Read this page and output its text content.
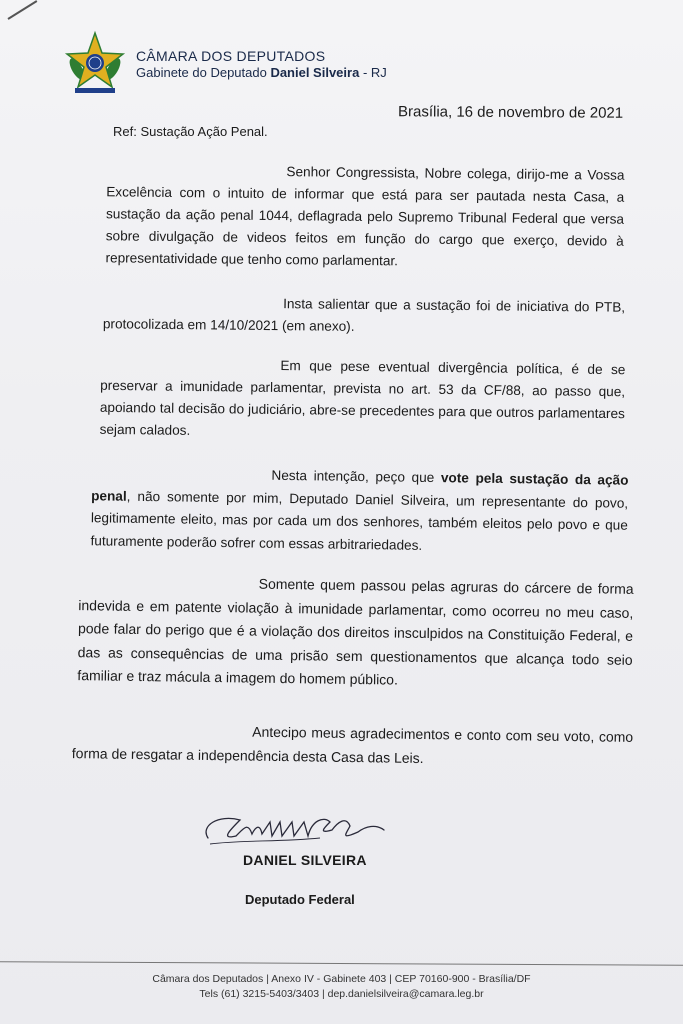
CÂMARA DOS DEPUTADOS
Gabinete do Deputado Daniel Silveira - RJ
Brasília, 16 de novembro de 2021
Ref: Sustação Ação Penal.

Senhor Congressista, Nobre colega, dirijo-me a Vossa Excelência com o intuito de informar que está para ser pautada nesta Casa, a sustação da ação penal 1044, deflagrada pelo Supremo Tribunal Federal que versa sobre divulgação de videos feitos em função do cargo que exerço, devido à representatividade que tenho como parlamentar.

Insta salientar que a sustação foi de iniciativa do PTB, protocolizada em 14/10/2021 (em anexo).

Em que pese eventual divergência política, é de se preservar a imunidade parlamentar, prevista no art. 53 da CF/88, ao passo que, apoiando tal decisão do judiciário, abre-se precedentes para que outros parlamentares sejam calados.

Nesta intenção, peço que vote pela sustação da ação penal, não somente por mim, Deputado Daniel Silveira, um representante do povo, legitimamente eleito, mas por cada um dos senhores, também eleitos pelo povo e que futuramente poderão sofrer com essas arbitrariedades.

Somente quem passou pelas agruras do cárcere de forma indevida e em patente violação à imunidade parlamentar, como ocorreu no meu caso, pode falar do perigo que é a violação dos direitos insculpidos na Constituição Federal, e das as consequências de uma prisão sem questionamentos que alcança todo seio familiar e traz mácula a imagem do homem público.

Antecipo meus agradecimentos e conto com seu voto, como forma de resgatar a independência desta Casa das Leis.

DANIEL SILVEIRA
Deputado Federal
Câmara dos Deputados | Anexo IV - Gabinete 403 | CEP 70160-900 - Brasília/DF
Tels (61) 3215-5403/3403 | dep.danielsilveira@camara.leg.br
